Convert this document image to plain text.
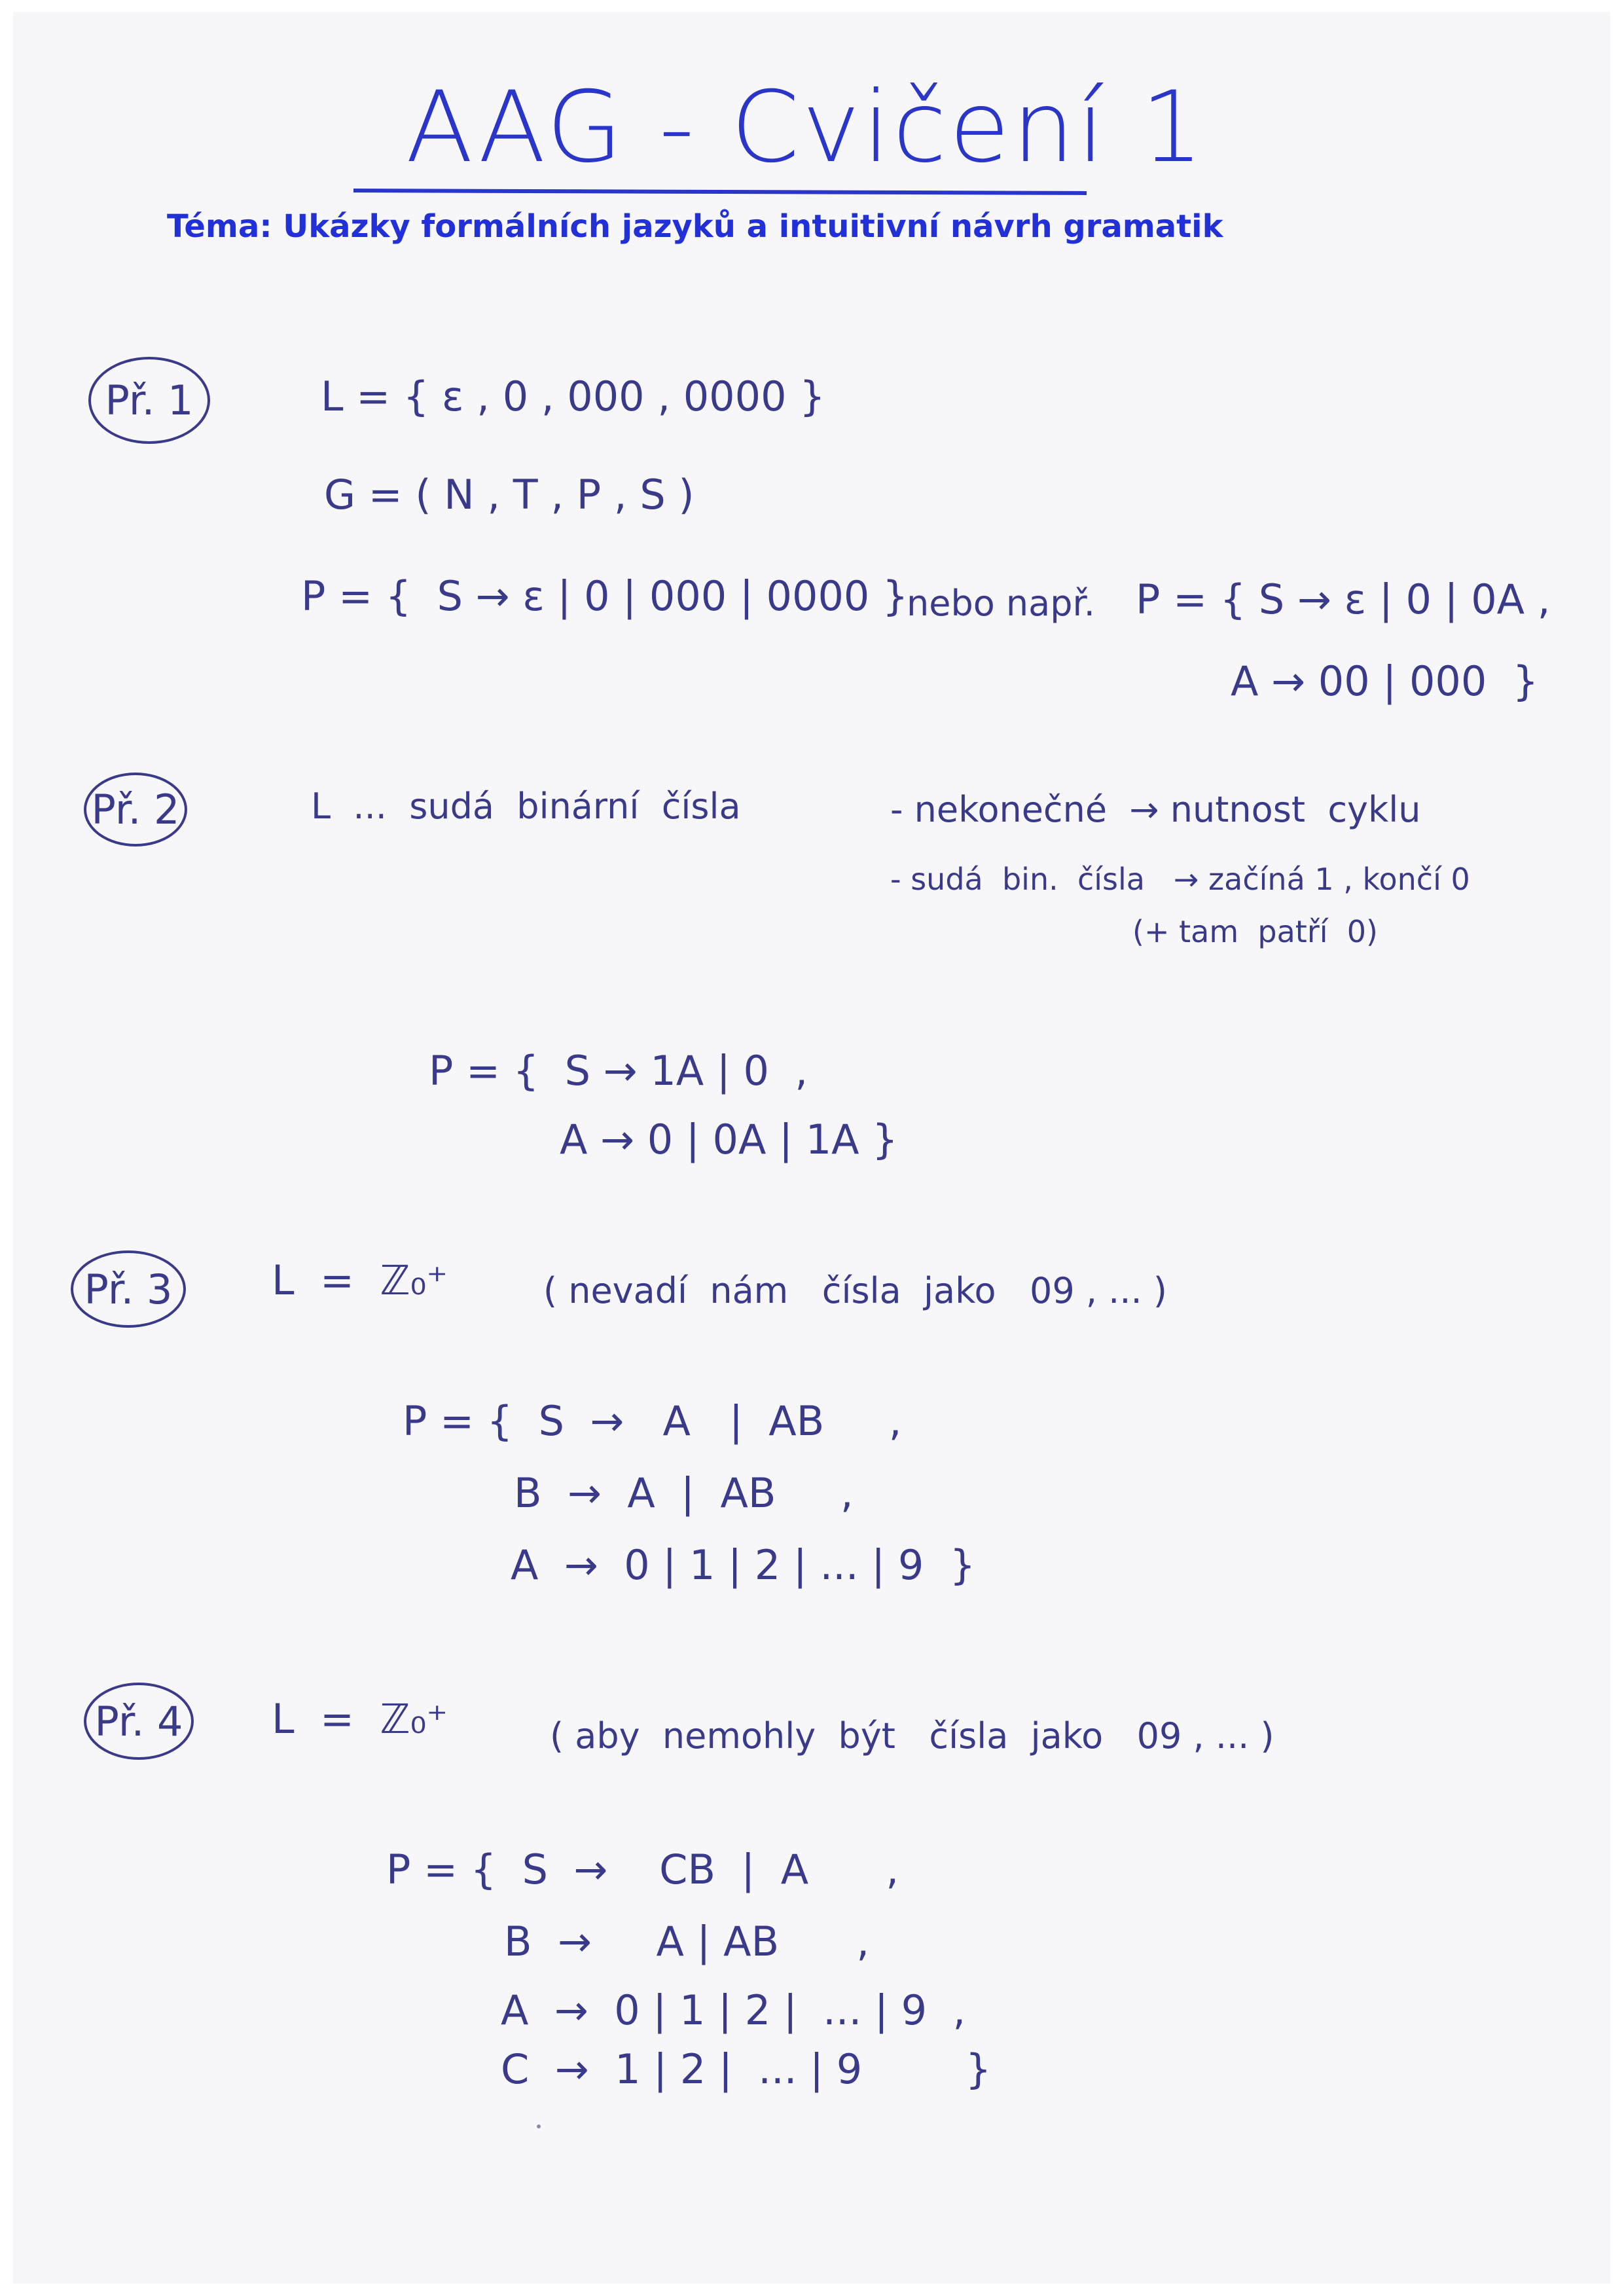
AAG - Cvičení 1
Téma: Ukázky formálních jazyků a intuitivní návrh gramatik
Př. 1	L = { ε , 0 , 000 , 0000 }
G = ( N , T , P , S )
P = {  S → ε | 0 | 000 | 0000 }
nebo např. P = { S → ε | 0 | 0A ,
A → 00 | 000  }
Př. 2	L  ...  sudá  binární  čísla	- nekonečné  → nutnost  cyklu
- sudá  bin.  čísla   → začíná 1 , končí 0
(+ tam  patří  0)
P = {  S → 1A | 0  ,
A → 0 | 0A | 1A }
Př. 3 L  =  ℤ₀⁺	( nevadí  nám   čísla  jako   09 , ... )
P = {  S  →   A   |  AB     ,
B  →  A  |  AB     ,
A  →  0 | 1 | 2 | ... | 9  }
Př. 4 L  =  ℤ₀⁺	( aby  nemohly  být   čísla  jako   09 , ... )
P = {  S  →    CB  |  A      ,
B  →     A | AB      ,
A  →  0 | 1 | 2 |  ... | 9  ,
C  →  1 | 2 |  ... | 9        }
